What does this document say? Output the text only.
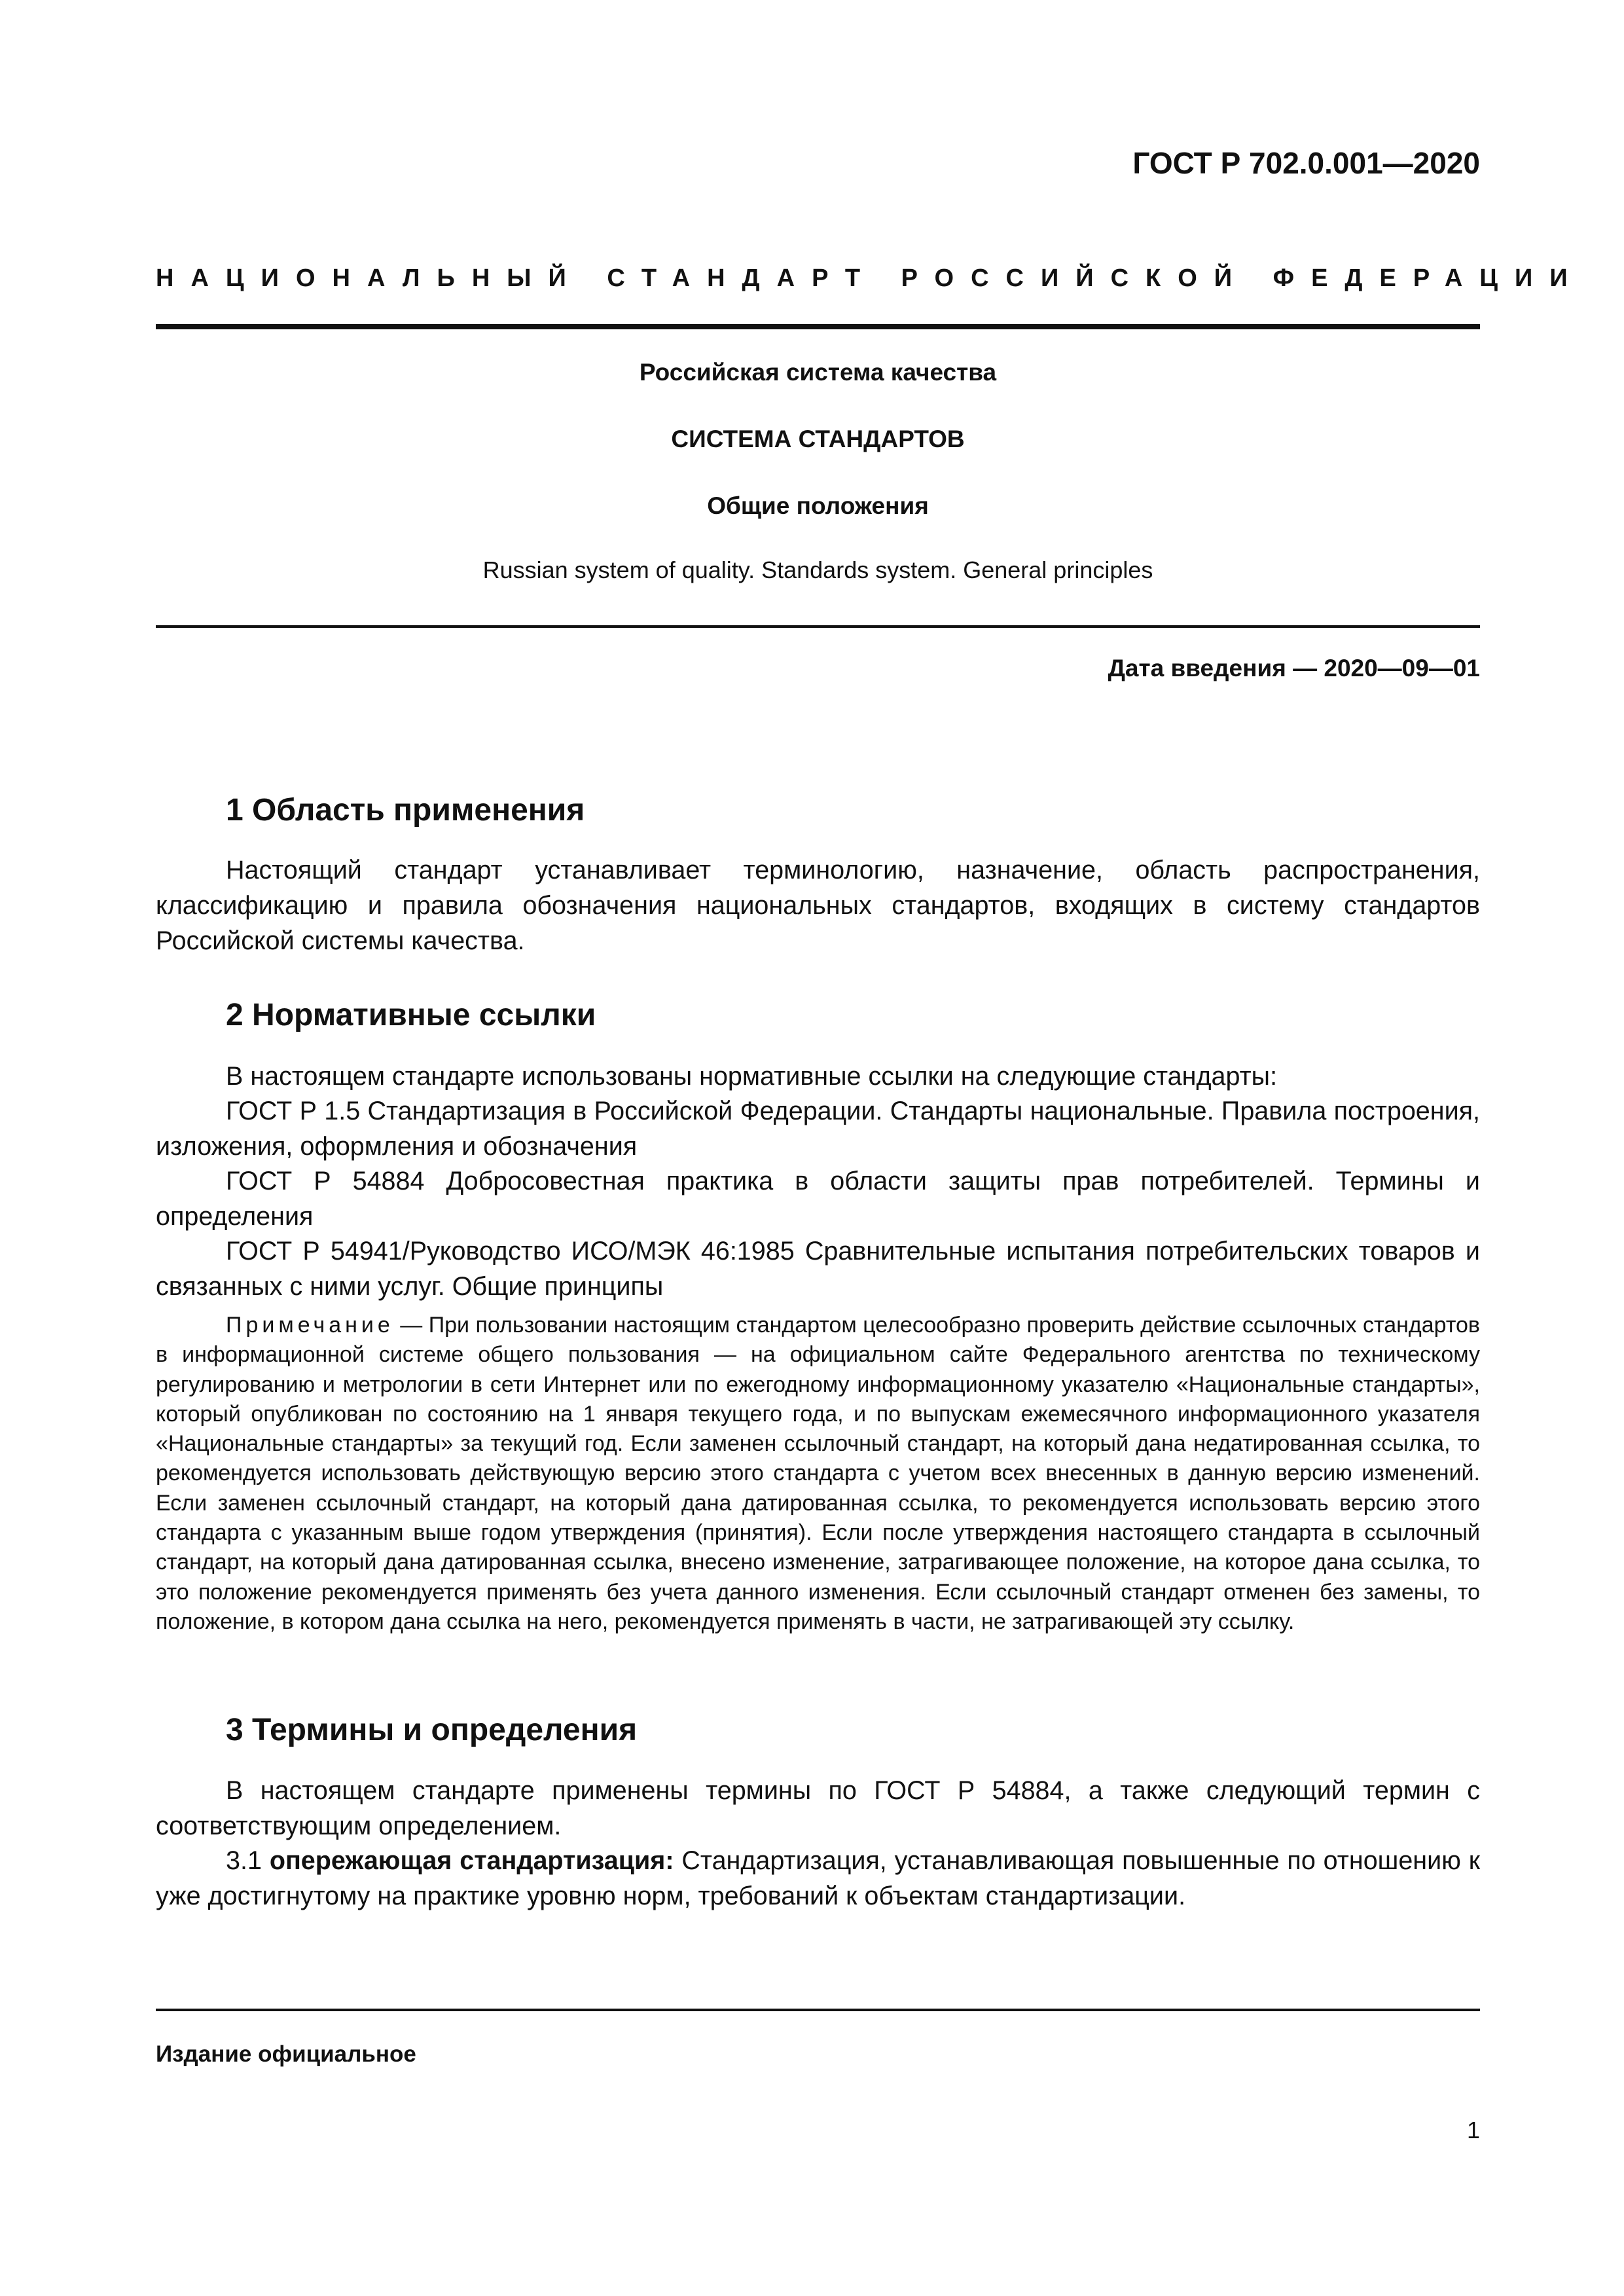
ГОСТ Р 702.0.001—2020
НАЦИОНАЛЬНЫЙ СТАНДАРТ РОССИЙСКОЙ ФЕДЕРАЦИИ
Российская система качества
СИСТЕМА СТАНДАРТОВ
Общие положения
Russian system of quality. Standards system. General principles
Дата введения — 2020—09—01
1 Область применения

Настоящий стандарт устанавливает терминологию, назначение, область распространения, классификацию и правила обозначения национальных стандартов, входящих в систему стандартов Российской системы качества.

2 Нормативные ссылки

В настоящем стандарте использованы нормативные ссылки на следующие стандарты:

ГОСТ Р 1.5 Стандартизация в Российской Федерации. Стандарты национальные. Правила построения, изложения, оформления и обозначения

ГОСТ Р 54884 Добросовестная практика в области защиты прав потребителей. Термины и определения

ГОСТ Р 54941/Руководство ИСО/МЭК 46:1985 Сравнительные испытания потребительских товаров и связанных с ними услуг. Общие принципы

Примечание — При пользовании настоящим стандартом целесообразно проверить действие ссылочных стандартов в информационной системе общего пользования — на официальном сайте Федерального агентства по техническому регулированию и метрологии в сети Интернет или по ежегодному информационному указателю «Национальные стандарты», который опубликован по состоянию на 1 января текущего года, и по выпускам ежемесячного информационного указателя «Национальные стандарты» за текущий год. Если заменен ссылочный стандарт, на который дана недатированная ссылка, то рекомендуется использовать действующую версию этого стандарта с учетом всех внесенных в данную версию изменений. Если заменен ссылочный стандарт, на который дана датированная ссылка, то рекомендуется использовать версию этого стандарта с указанным выше годом утверждения (принятия). Если после утверждения настоящего стандарта в ссылочный стандарт, на который дана датированная ссылка, внесено изменение, затрагивающее положение, на которое дана ссылка, то это положение рекомендуется применять без учета данного изменения. Если ссылочный стандарт отменен без замены, то положение, в котором дана ссылка на него, рекомендуется применять в части, не затрагивающей эту ссылку.

3 Термины и определения

В настоящем стандарте применены термины по ГОСТ Р 54884, а также следующий термин с соответствующим определением.

3.1 опережающая стандартизация: Стандартизация, устанавливающая повышенные по отношению к уже достигнутому на практике уровню норм, требований к объектам стандартизации.

Издание официальное
1
